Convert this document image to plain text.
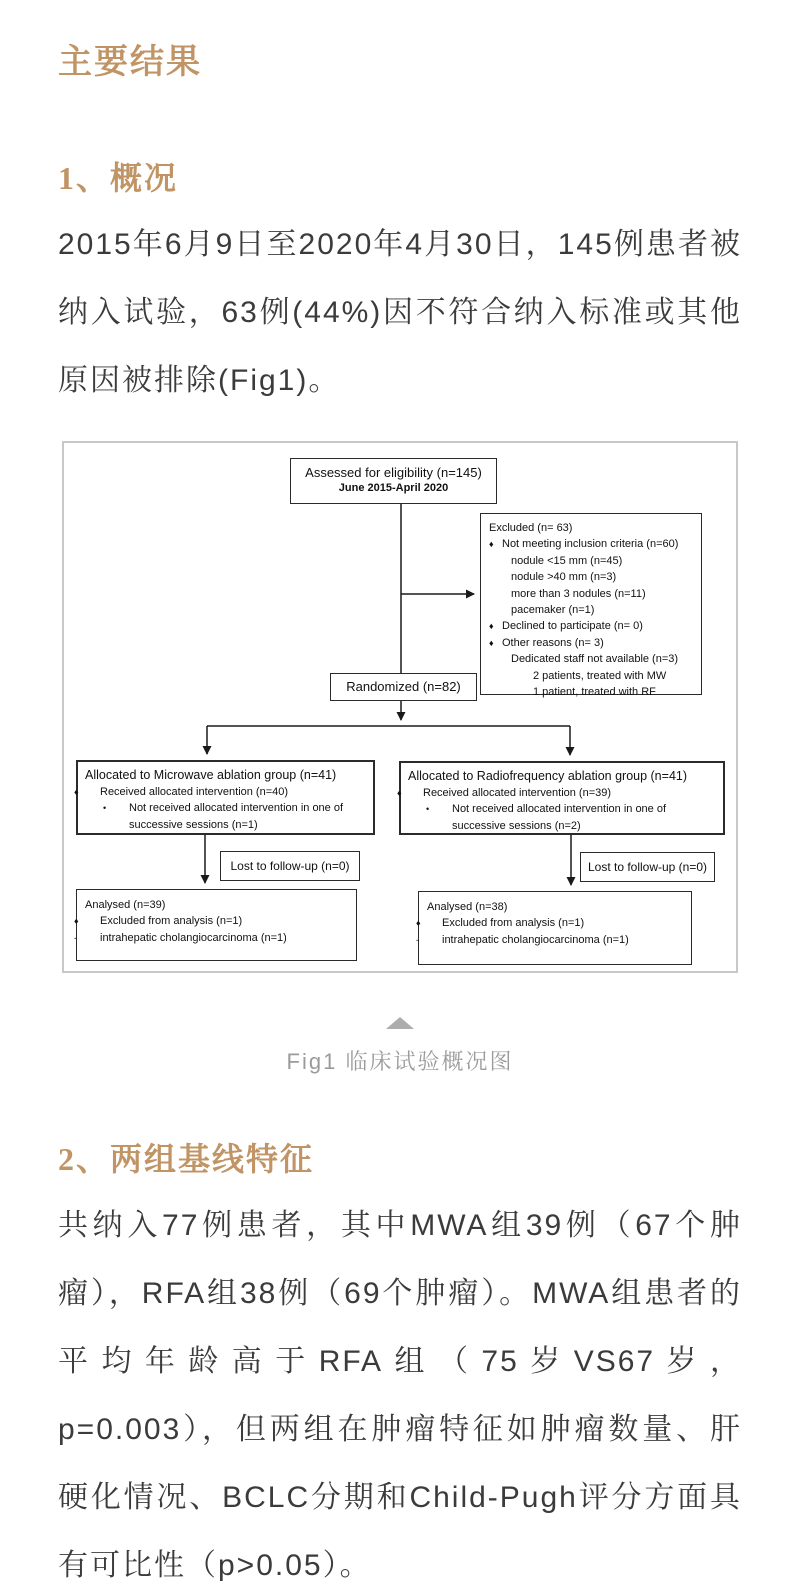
主要结果
1、概况

2015年6月9日至2020年4月30日，145例患者被纳入试验，63例(44%)因不符合纳入标准或其他原因被排除(Fig1)。

Assessed for eligibility (n=145)
June 2015-April 2020
Excluded (n= 63)
♦ Not meeting inclusion criteria (n=60)
nodule <15 mm (n=45)
nodule >40 mm (n=3)
more than 3 nodules (n=11)
pacemaker (n=1)
♦ Declined to participate (n= 0)
♦ Other reasons (n= 3)
Dedicated staff not available (n=3)
2 patients, treated with MW
1 patient, treated with RF
Randomized (n=82)
Allocated to Microwave ablation group (n=41)
♦ Received allocated intervention (n=40)
• Not received allocated intervention in one of successive sessions (n=1)
Allocated to Radiofrequency ablation group (n=41)
♦ Received allocated intervention (n=39)
• Not received allocated intervention in one of successive sessions (n=2)
Lost to follow-up (n=0)	Lost to follow-up (n=0)
Analysed (n=39)
♦ Excluded from analysis (n=1)
- intrahepatic cholangiocarcinoma (n=1)
Analysed (n=38)
♦ Excluded from analysis (n=1)
- intrahepatic cholangiocarcinoma (n=1)
Fig1 临床试验概况图
2、两组基线特征

共纳入77例患者，其中MWA组39例（67个肿瘤），RFA组38例（69个肿瘤）。MWA组患者的平均年龄高于RFA组（75岁VS67岁，p=0.003），但两组在肿瘤特征如肿瘤数量、肝硬化情况、BCLC分期和Child-Pugh评分方面具有可比性（p>0.05）。
